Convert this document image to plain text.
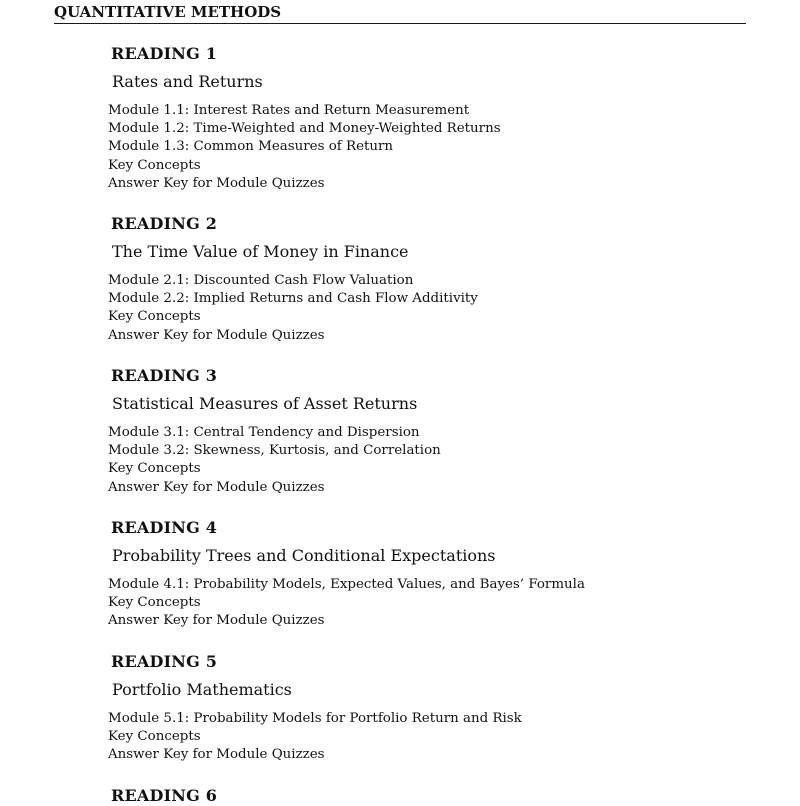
QUANTITATIVE METHODS
READING 1
Rates and Returns
Module 1.1: Interest Rates and Return Measurement
Module 1.2: Time-Weighted and Money-Weighted Returns
Module 1.3: Common Measures of Return
Key Concepts
Answer Key for Module Quizzes
READING 2
The Time Value of Money in Finance
Module 2.1: Discounted Cash Flow Valuation
Module 2.2: Implied Returns and Cash Flow Additivity
Key Concepts
Answer Key for Module Quizzes
READING 3
Statistical Measures of Asset Returns
Module 3.1: Central Tendency and Dispersion
Module 3.2: Skewness, Kurtosis, and Correlation
Key Concepts
Answer Key for Module Quizzes
READING 4
Probability Trees and Conditional Expectations
Module 4.1: Probability Models, Expected Values, and Bayes’ Formula
Key Concepts
Answer Key for Module Quizzes
READING 5
Portfolio Mathematics
Module 5.1: Probability Models for Portfolio Return and Risk
Key Concepts
Answer Key for Module Quizzes
READING 6
